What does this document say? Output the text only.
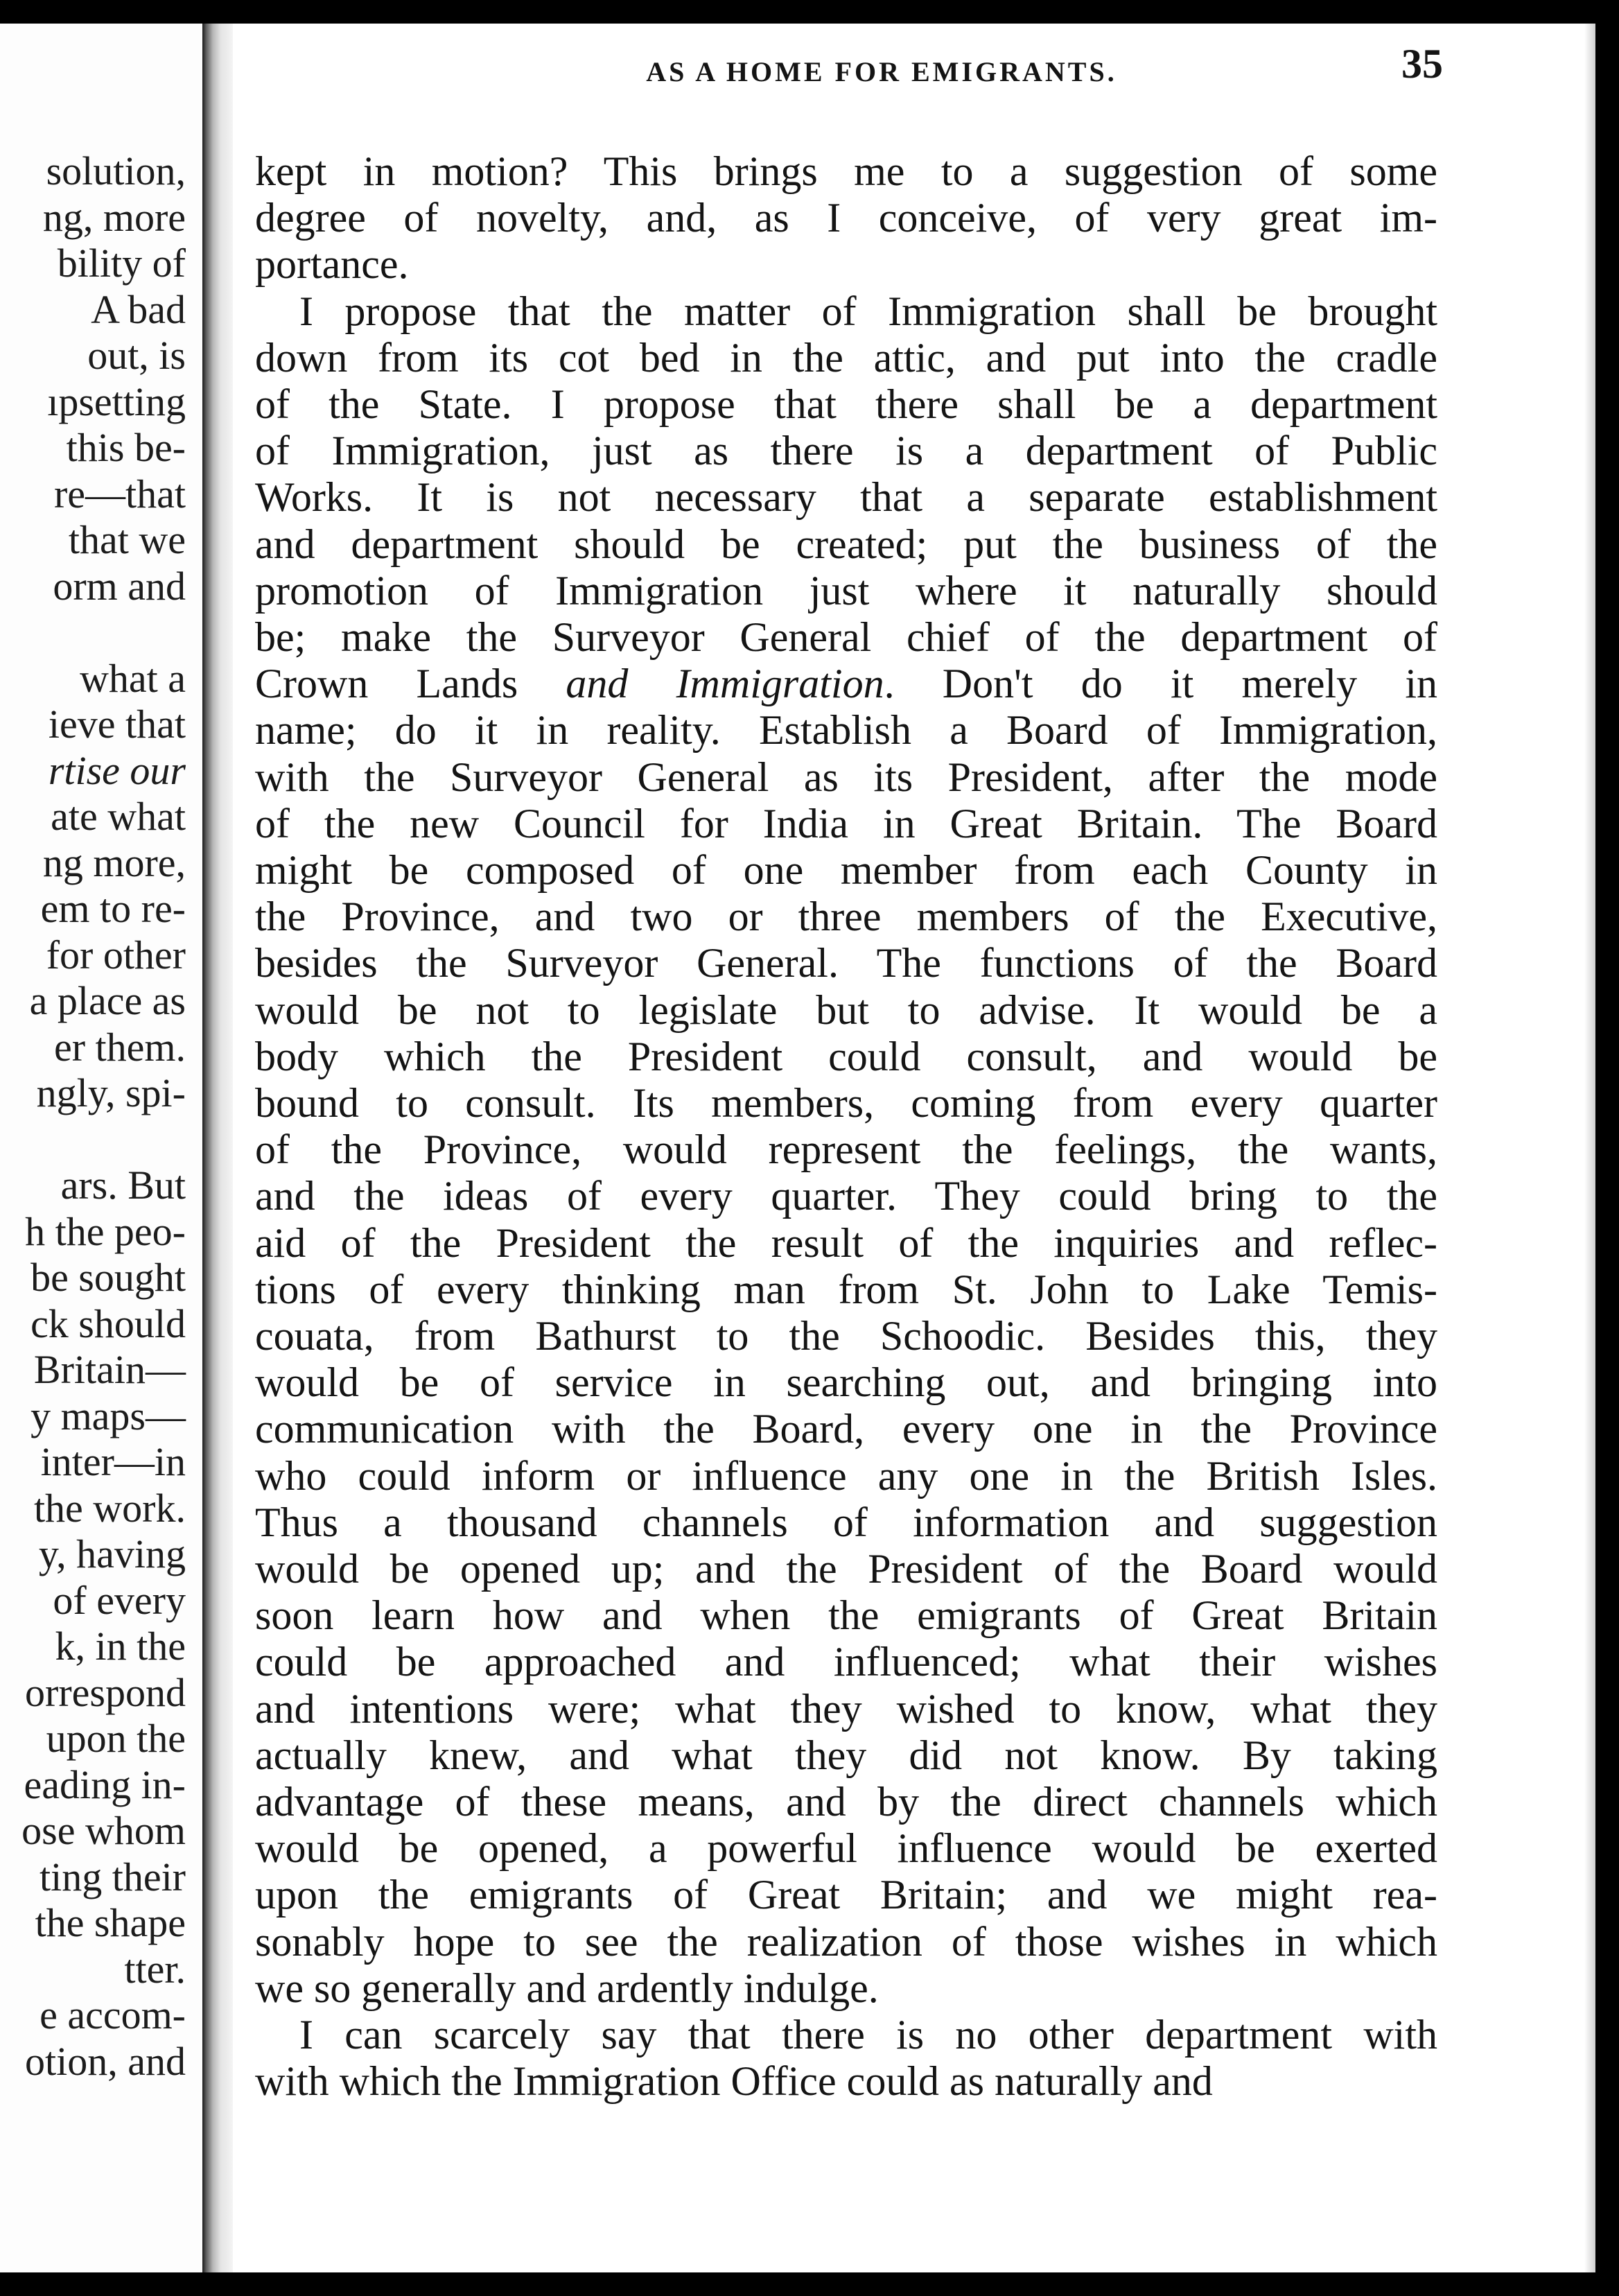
solution,
ng, more
bility of
A bad
out, is
ıpsetting
this be-
re—that
that we
orm and
what a
ieve that
rtise our
ate what
ng more,
em to re-
for other
a place as
er them.
ngly, spi-
ars. But
h the peo-
be sought
ck should
Britain—
y maps—
inter—in
the work.
y, having
of every
k, in the
orrespond
upon the
eading in-
ose whom
ting their
the shape
tter.
e accom-
otion, and
AS A HOME FOR EMIGRANTS.	35
kept in motion? This brings me to a suggestion of some
degree of novelty, and, as I conceive, of very great im-
portance.
I propose that the matter of Immigration shall be brought
down from its cot bed in the attic, and put into the cradle
of the State. I propose that there shall be a department
of Immigration, just as there is a department of Public
Works. It is not necessary that a separate establishment
and department should be created; put the business of the
promotion of Immigration just where it naturally should
be; make the Surveyor General chief of the department of
Crown Lands and Immigration. Don't do it merely in
name; do it in reality. Establish a Board of Immigration,
with the Surveyor General as its President, after the mode
of the new Council for India in Great Britain. The Board
might be composed of one member from each County in
the Province, and two or three members of the Executive,
besides the Surveyor General. The functions of the Board
would be not to legislate but to advise. It would be a
body which the President could consult, and would be
bound to consult. Its members, coming from every quarter
of the Province, would represent the feelings, the wants,
and the ideas of every quarter. They could bring to the
aid of the President the result of the inquiries and reflec-
tions of every thinking man from St. John to Lake Temis-
couata, from Bathurst to the Schoodic. Besides this, they
would be of service in searching out, and bringing into
communication with the Board, every one in the Province
who could inform or influence any one in the British Isles.
Thus a thousand channels of information and suggestion
would be opened up; and the President of the Board would
soon learn how and when the emigrants of Great Britain
could be approached and influenced; what their wishes
and intentions were; what they wished to know, what they
actually knew, and what they did not know. By taking
advantage of these means, and by the direct channels which
would be opened, a powerful influence would be exerted
upon the emigrants of Great Britain; and we might rea-
sonably hope to see the realization of those wishes in which
we so generally and ardently indulge.
I can scarcely say that there is no other department with
with which the Immigration Office could as naturally and
